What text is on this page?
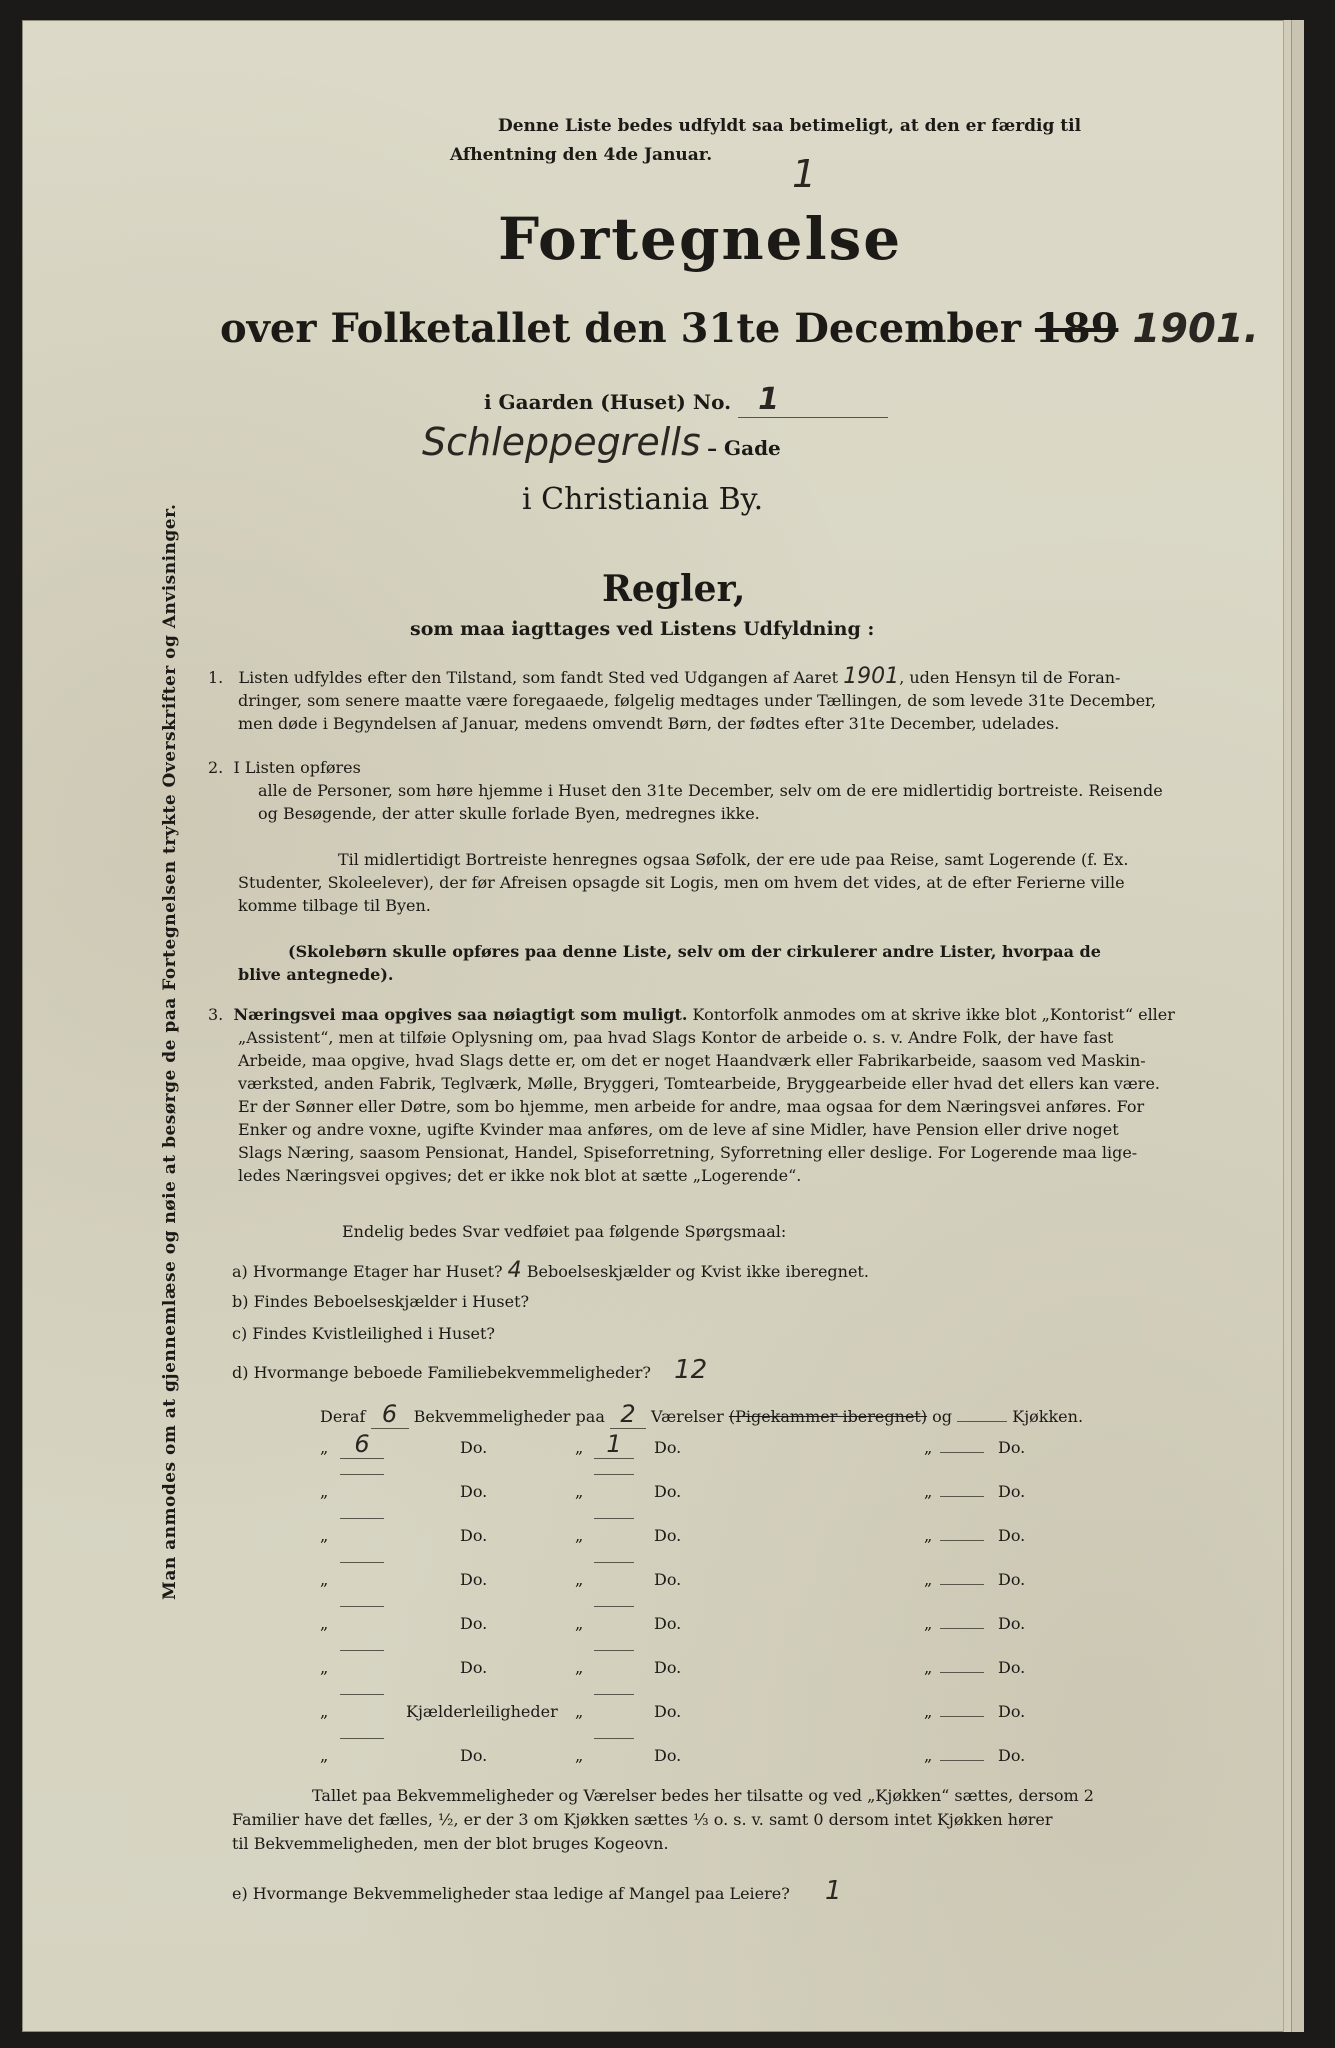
Man anmodes om at gjennemlæse og nøie at besørge de paa Fortegnelsen trykte Overskrifter og Anvisninger.
Denne Liste bedes udfyldt saa betimeligt, at den er færdig til
Afhentning den 4de Januar. 1
Fortegnelse
over Folketallet den 31te December 189 1901.
i Gaarden (Huset) No. 1
Schleppegrells – Gade
i Christiania By.
Regler,
som maa iagttages ved Listens Udfyldning :
1. Listen udfyldes efter den Tilstand, som fandt Sted ved Udgangen af Aaret 1901, uden Hensyn til de Foran-
dringer, som senere maatte være foregaaede, følgelig medtages under Tællingen, de som levede 31te December,
men døde i Begyndelsen af Januar, medens omvendt Børn, der fødtes efter 31te December, udelades.
2. I Listen opføres
alle de Personer, som høre hjemme i Huset den 31te December, selv om de ere midlertidig bortreiste. Reisende
og Besøgende, der atter skulle forlade Byen, medregnes ikke.

Til midlertidigt Bortreiste henregnes ogsaa Søfolk, der ere ude paa Reise, samt Logerende (f. Ex.
Studenter, Skoleelever), der før Afreisen opsagde sit Logis, men om hvem det vides, at de efter Ferierne ville
komme tilbage til Byen.

(Skolebørn skulle opføres paa denne Liste, selv om der cirkulerer andre Lister, hvorpaa de
blive antegnede).
3. Næringsvei maa opgives saa nøiagtigt som muligt. Kontorfolk anmodes om at skrive ikke blot „Kontorist“ eller
„Assistent“, men at tilføie Oplysning om, paa hvad Slags Kontor de arbeide o. s. v. Andre Folk, der have fast
Arbeide, maa opgive, hvad Slags dette er, om det er noget Haandværk eller Fabrikarbeide, saasom ved Maskin-
værksted, anden Fabrik, Teglværk, Mølle, Bryggeri, Tomtearbeide, Bryggearbeide eller hvad det ellers kan være.
Er der Sønner eller Døtre, som bo hjemme, men arbeide for andre, maa ogsaa for dem Næringsvei anføres. For
Enker og andre voxne, ugifte Kvinder maa anføres, om de leve af sine Midler, have Pension eller drive noget
Slags Næring, saasom Pensionat, Handel, Spiseforretning, Syforretning eller deslige. For Logerende maa lige-
ledes Næringsvei opgives; det er ikke nok blot at sætte „Logerende“.
Endelig bedes Svar vedføiet paa følgende Spørgsmaal:
a) Hvormange Etager har Huset? 4 Beboelseskjælder og Kvist ikke iberegnet.
b) Findes Beboelseskjælder i Huset?
c) Findes Kvistleilighed i Huset?
d) Hvormange beboede Familiebekvemmeligheder? 12
Deraf 6 Bekvemmeligheder paa 2 Værelser (Pigekammer iberegnet) og	Kjøkken.
„	6	Do.	„ 1	Do.	„	Do.
„	Do.	„	Do.	„	Do.
„	Do.	„	Do.	„	Do.
„	Do.	„	Do.	„	Do.
„	Do.	„	Do.	„	Do.
„	Do.	„	Do.	„	Do.
„	Kjælderleiligheder „	Do.	„	Do.
„	Do.	„	Do.	„	Do.
Tallet paa Bekvemmeligheder og Værelser bedes her tilsatte og ved „Kjøkken“ sættes, dersom 2
Familier have det fælles, ½, er der 3 om Kjøkken sættes ⅓ o. s. v. samt 0 dersom intet Kjøkken hører
til Bekvemmeligheden, men der blot bruges Kogeovn.
e) Hvormange Bekvemmeligheder staa ledige af Mangel paa Leiere? 1
